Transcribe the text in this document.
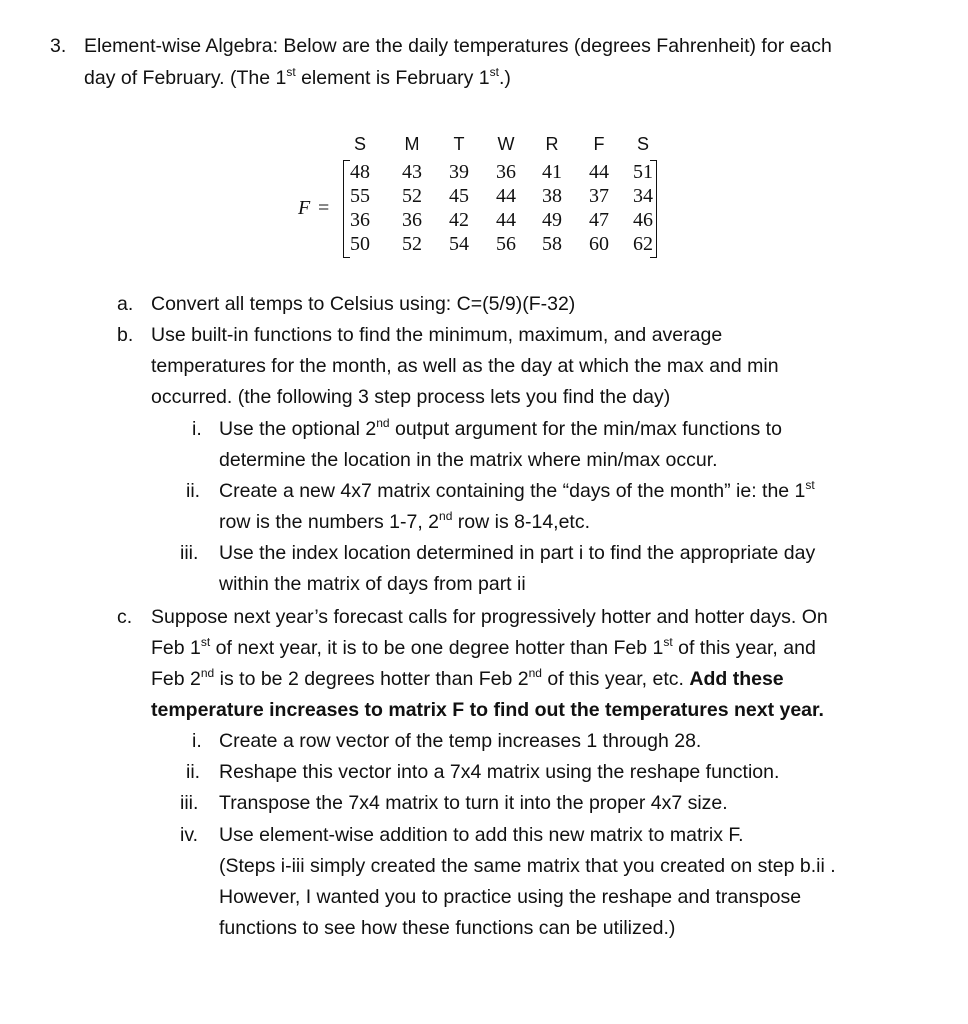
3. Element-wise Algebra: Below are the daily temperatures (degrees Fahrenheit) for each
day of February. (The 1st element is February 1st.)
F =
S	M	T	W	R	F	S
48	43	39	36	41	44	51
55	52	45	44	38	37	34
36	36	42	44	49	47	46
50	52	54	56	58	60	62
a. Convert all temps to Celsius using: C=(5/9)(F-32)
b. Use built-in functions to find the minimum, maximum, and average
temperatures for the month, as well as the day at which the max and min
occurred. (the following 3 step process lets you find the day)
i. Use the optional 2nd output argument for the min/max functions to
determine the location in the matrix where min/max occur.
ii. Create a new 4x7 matrix containing the “days of the month” ie: the 1st
row is the numbers 1-7, 2nd row is 8-14,etc.
iii. Use the index location determined in part i to find the appropriate day
within the matrix of days from part ii
c. Suppose next year’s forecast calls for progressively hotter and hotter days. On
Feb 1st of next year, it is to be one degree hotter than Feb 1st of this year, and
Feb 2nd is to be 2 degrees hotter than Feb 2nd of this year, etc. Add these
temperature increases to matrix F to find out the temperatures next year.
i. Create a row vector of the temp increases 1 through 28.
ii. Reshape this vector into a 7x4 matrix using the reshape function.
iii. Transpose the 7x4 matrix to turn it into the proper 4x7 size.
iv. Use element-wise addition to add this new matrix to matrix F.
(Steps i-iii simply created the same matrix that you created on step b.ii .
However, I wanted you to practice using the reshape and transpose
functions to see how these functions can be utilized.)
